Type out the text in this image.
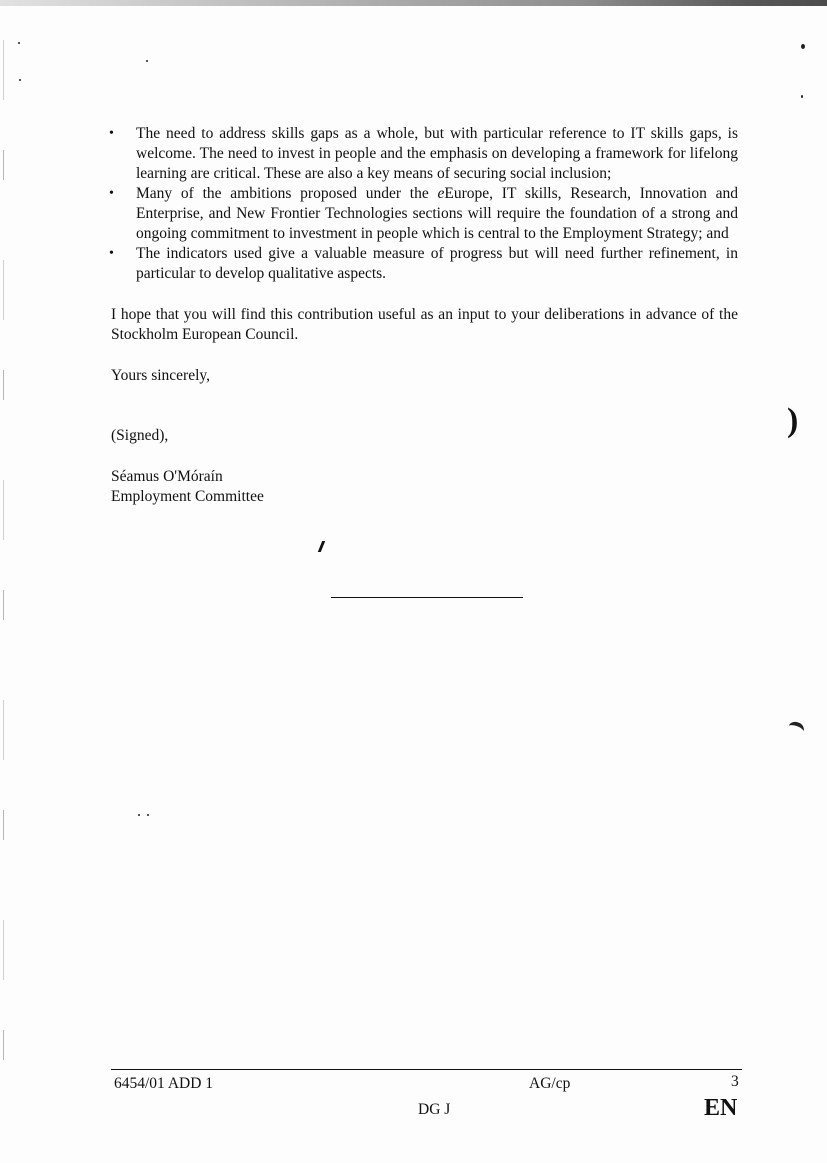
)
• The need to address skills gaps as a whole, but with particular reference to IT skills gaps, is welcome. The need to invest in people and the emphasis on developing a framework for lifelong learning are critical. These are also a key means of securing social inclusion;
• Many of the ambitions proposed under the eEurope, IT skills, Research, Innovation and Enterprise, and New Frontier Technologies sections will require the foundation of a strong and ongoing commitment to investment in people which is central to the Employment Strategy; and
• The indicators used give a valuable measure of progress but will need further refinement, in particular to develop qualitative aspects.

I hope that you will find this contribution useful as an input to your deliberations in advance of the Stockholm European Council.

Yours sincerely,
(Signed),
Séamus O'Móraín
Employment Committee
6454/01 ADD 1	AG/cp	3
DG J	EN
